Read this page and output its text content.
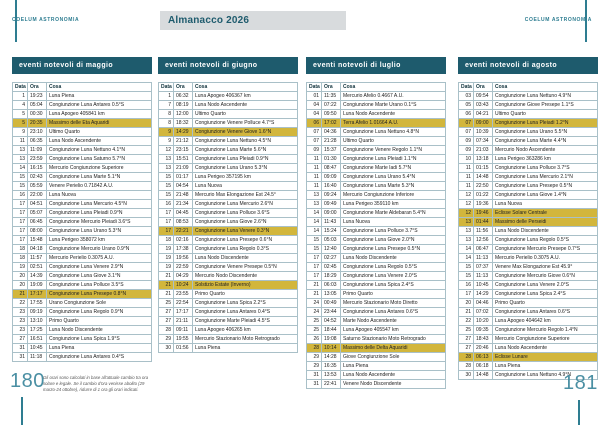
COELUM ASTRONOMIA	Almanacco 2026	COELUM ASTRONOMIA
eventi notevoli di maggio
Data	Ora	Cosa
1	19:23	Luna Piena
4	05:04	Congiunzione Luna Antares 0.5°S
5	00:30	Luna Apogeo 405841 km
5	20:35	Massimo delle Eta Aquaridi
9	23:10	Ultimo Quarto
11	06:35	Luna Nodo Ascendente
13	11:09	Congiunzione Luna Nettuno 4.1°N
13	23:59	Congiunzione Luna Saturno 5.7°N
14	16:15	Mercurio Congiunzione Superiore
15	02:43	Congiunzione Luna Marte 5.1°N
15	05:59	Venere Perielio 0.71842 A.U.
16	22:00	Luna Nuova
17	04:51	Congiunzione Luna Mercurio 4.5°N
17	05:07	Congiunzione Luna Pleiadi 0.9°N
17	06:45	Congiunzione Mercurio Pleiadi 3.6°S
17	08:00	Congiunzione Luna Urano 5.3°N
17	15:48	Luna Perigeo 358072 km
18	04:18	Congiunzione Mercurio Urano 0.9°N
18	11:57	Mercurio Perielio 0.3075 A.U.
19	02:51	Congiunzione Luna Venere 2.9°N
20	14:39	Congiunzione Luna Giove 3.1°N
20	19:09	Congiunzione Luna Polluce 3.5°S
21	17:17	Congiunzione Luna Presepe 0.8°N
22	17:55	Urano Congiunzione Sole
23	09:19	Congiunzione Luna Regolo 0.9°N
23	13:10	Primo Quarto
23	17:25	Luna Nodo Discendente
27	16:51	Congiunzione Luna Spica 1.9°S
31	10:45	Luna Piena
31	11:18	Congiunzione Luna Antares 0.4°S
eventi notevoli di giugno
Data	Ora	Cosa
1	06:32	Luna Apogeo 406367 km
7	08:19	Luna Nodo Ascendente
8	12:00	Ultimo Quarto
8	18:32	Congiunzione Venere Polluce 4.7°S
9	14:29	Congiunzione Venere Giove 1.6°N
9	21:12	Congiunzione Luna Nettuno 4.5°N
12	23:15	Congiunzione Luna Marte 5.6°N
13	15:51	Congiunzione Luna Pleiadi 0.9°N
13	21:09	Congiunzione Luna Urano 5.3°N
15	01:17	Luna Perigeo 357195 km
15	04:54	Luna Nuova
15	21:48	Mercurio Max Elongazione Est 24.5°
16	21:34	Congiunzione Luna Mercurio 2.6°N
17	04:45	Congiunzione Luna Polluce 3.6°S
17	08:53	Congiunzione Luna Giove 2.6°N
17	22:21	Congiunzione Luna Venere 0.3°N
18	02:16	Congiunzione Luna Presepe 0.6°N
19	17:38	Congiunzione Luna Regolo 0.3°S
19	19:56	Luna Nodo Discendente
19	22:59	Congiunzione Venere Presepe 0.5°N
21	04:29	Mercurio Nodo Discendente
21	10:24	Solstizio Estate (Inverno)
21	23:55	Primo Quarto
25	22:54	Congiunzione Luna Spica 2.2°S
27	17:17	Congiunzione Luna Antares 0.4°S
27	21:11	Congiunzione Marte Pleiadi 4.5°S
28	09:11	Luna Apogeo 406265 km
29	19:55	Mercurio Stazionario Moto Retrogrado
30	01:56	Luna Piena
eventi notevoli di luglio
Data	Ora	Cosa
01	11:35	Mercurio Afelio 0.4667 A.U.
04	07:22	Congiunzione Marte Urano 0.1°S
04	09:50	Luna Nodo Ascendente
06	17:02	Terra Afelio 1.01664 A.U.
07	04:36	Congiunzione Luna Nettuno 4.8°N
07	21:28	Ultimo Quarto
09	15:37	Congiunzione Venere Regolo 1.1°N
11	01:30	Congiunzione Luna Pleiadi 1.1°N
11	08:47	Congiunzione Marte Iadi 5.7°N
11	09:09	Congiunzione Luna Urano 5.4°N
11	16:40	Congiunzione Luna Marte 5.3°N
13	09:24	Mercurio Congiunzione Inferiore
13	09:49	Luna Perigeo 359110 km
14	09:00	Congiunzione Marte Aldebaran 5.4°N
14	11:43	Luna Nuova
14	15:24	Congiunzione Luna Polluce 3.7°S
15	05:03	Congiunzione Luna Giove 2.0°N
15	12:40	Congiunzione Luna Presepe 0.5°N
17	02:27	Luna Nodo Discendente
17	02:45	Congiunzione Luna Regolo 0.5°S
17	18:29	Congiunzione Luna Venere 2.0°S
21	06:03	Congiunzione Luna Spica 2.4°S
21	13:05	Primo Quarto
24	00:49	Mercurio Stazionario Moto Diretto
24	23:44	Congiunzione Luna Antares 0.6°S
25	04:52	Marte Nodo Ascendente
25	18:44	Luna Apogeo 405547 km
26	19:08	Saturno Stazionario Moto Retrogrado
28	10:14	Massimo delle Delta Aquaridi
29	14:28	Giove Congiunzione Sole
29	16:35	Luna Piena
31	13:53	Luna Nodo Ascendente
31	22:41	Venere Nodo Discendente
eventi notevoli di agosto
Data	Ora	Cosa
03	09:54	Congiunzione Luna Nettuno 4.9°N
05	03:43	Congiunzione Giove Presepe 1.1°S
06	04:21	Ultimo Quarto
07	09:00	Congiunzione Luna Pleiadi 1.2°N
07	10:39	Congiunzione Luna Urano 5.5°N
09	07:34	Congiunzione Luna Marte 4.4°N
09	21:03	Mercurio Nodo Ascendente
10	13:18	Luna Perigeo 363286 km
11	01:15	Congiunzione Luna Polluce 3.7°S
11	14:48	Congiunzione Luna Mercurio 2.1°N
11	22:50	Congiunzione Luna Presepe 0.5°N
12	01:22	Congiunzione Luna Giove 1.4°N
12	19:36	Luna Nuova
12	19:46	Eclisse Solare Centrale
13	01:44	Massimo delle Perseidi
13	11:56	Luna Nodo Discendente
13	12:56	Congiunzione Luna Regolo 0.5°S
14	06:47	Congiunzione Mercurio Presepe 0.7°S
14	11:13	Mercurio Perielio 0.3075 A.U.
15	07:37	Venere Max Elongazione Est 45.9°
15	11:13	Congiunzione Mercurio Giove 0.6°N
16	10:45	Congiunzione Luna Venere 2.0°S
17	14:29	Congiunzione Luna Spica 2.4°S
20	04:46	Primo Quarto
21	07:02	Congiunzione Luna Antares 0.6°S
22	10:20	Luna Apogeo 404642 km
25	09:35	Congiunzione Mercurio Regolo 1.4°N
27	18:43	Mercurio Congiunzione Superiore
27	20:46	Luna Nodo Ascendente
28	06:13	Eclisse Lunare
28	06:18	Luna Piena
30	14:48	Congiunzione Luna Nettuno 4.9°N
180
Gli orari sono calcolati in base all'attuale cambio tra ora solare e legale. Se il cambio d'ora venisse abolito (29 marzo-24 ottobre), ridurre di 1 ora gli orari indicati.	181
